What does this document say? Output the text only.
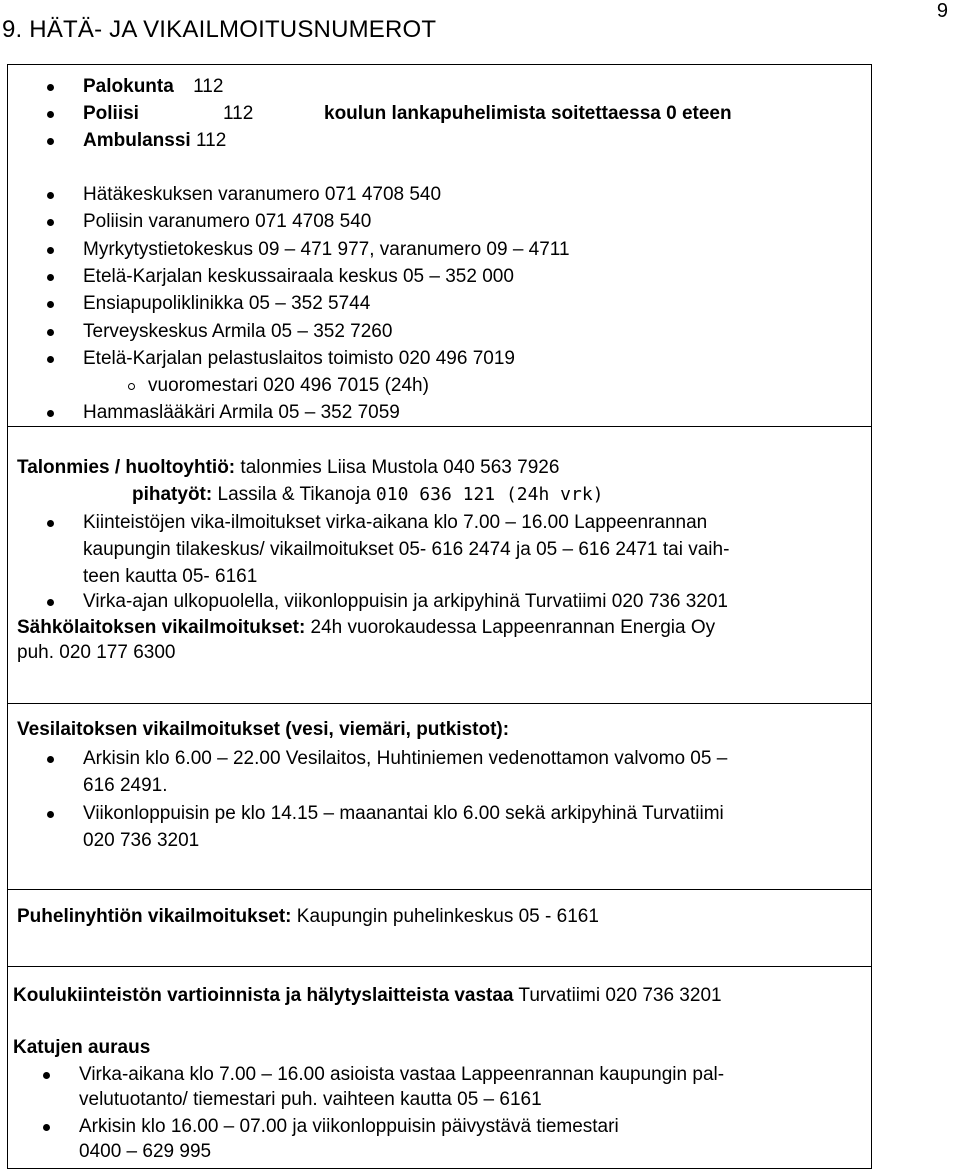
9
9. HÄTÄ- JA VIKAILMOITUSNUMEROT
Palokunta 112
Poliisi	112	koulun lankapuhelimista soitettaessa 0 eteen
Ambulanssi 112
Hätäkeskuksen varanumero 071 4708 540
Poliisin varanumero 071 4708 540
Myrkytystietokeskus 09 – 471 977, varanumero 09 – 4711
Etelä-Karjalan keskussairaala keskus 05 – 352 000
Ensiapupoliklinikka 05 – 352 5744
Terveyskeskus Armila 05 – 352 7260
Etelä-Karjalan pelastuslaitos toimisto 020 496 7019
vuoromestari 020 496 7015 (24h)
Hammaslääkäri Armila 05 – 352 7059
Talonmies / huoltoyhtiö: talonmies Liisa Mustola 040 563 7926
pihatyöt: Lassila & Tikanoja 010 636 121 (24h vrk)
Kiinteistöjen vika-ilmoitukset virka-aikana klo 7.00 – 16.00 Lappeenrannan
kaupungin tilakeskus/ vikailmoitukset 05- 616 2474 ja 05 – 616 2471 tai vaih-
teen kautta 05- 6161
Virka-ajan ulkopuolella, viikonloppuisin ja arkipyhinä Turvatiimi 020 736 3201
Sähkölaitoksen vikailmoitukset: 24h vuorokaudessa Lappeenrannan Energia Oy
puh. 020 177 6300
Vesilaitoksen vikailmoitukset (vesi, viemäri, putkistot):
Arkisin klo 6.00 – 22.00 Vesilaitos, Huhtiniemen vedenottamon valvomo 05 –
616 2491.
Viikonloppuisin pe klo 14.15 – maanantai klo 6.00 sekä arkipyhinä Turvatiimi
020 736 3201
Puhelinyhtiön vikailmoitukset: Kaupungin puhelinkeskus 05 - 6161
Koulukiinteistön vartioinnista ja hälytyslaitteista vastaa Turvatiimi 020 736 3201
Katujen auraus
Virka-aikana klo 7.00 – 16.00 asioista vastaa Lappeenrannan kaupungin pal-
velutuotanto/ tiemestari puh. vaihteen kautta 05 – 6161
Arkisin klo 16.00 – 07.00 ja viikonloppuisin päivystävä tiemestari
0400 – 629 995
